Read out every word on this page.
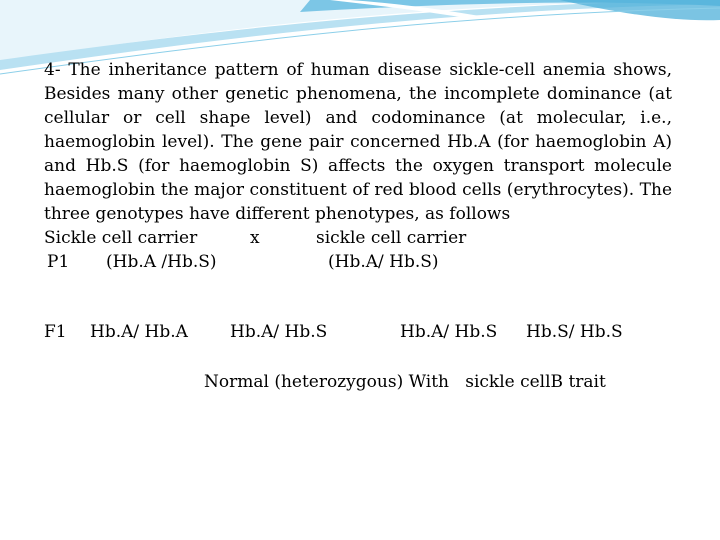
4- The inheritance pattern of human disease sickle-cell anemia shows, Besides many other genetic phenomena, the incomplete dominance (at cellular or cell shape level) and codominance (at molecular, i.e., haemoglobin level). The gene pair concerned Hb.A (for haemoglobin A) and Hb.S (for haemoglobin S) affects the oxygen transport molecule haemoglobin the major constituent of red blood cells (erythrocytes). The three genotypes have different phenotypes, as follows

Sickle cell carrier	x	sickle cell carrier
P1 (Hb.A /Hb.S)	(Hb.A/ Hb.S)
F1 Hb.A/ Hb.A Hb.A/ Hb.S	Hb.A/ Hb.S Hb.S/ Hb.S
Normal (heterozygous) With   sickle cellB trait
